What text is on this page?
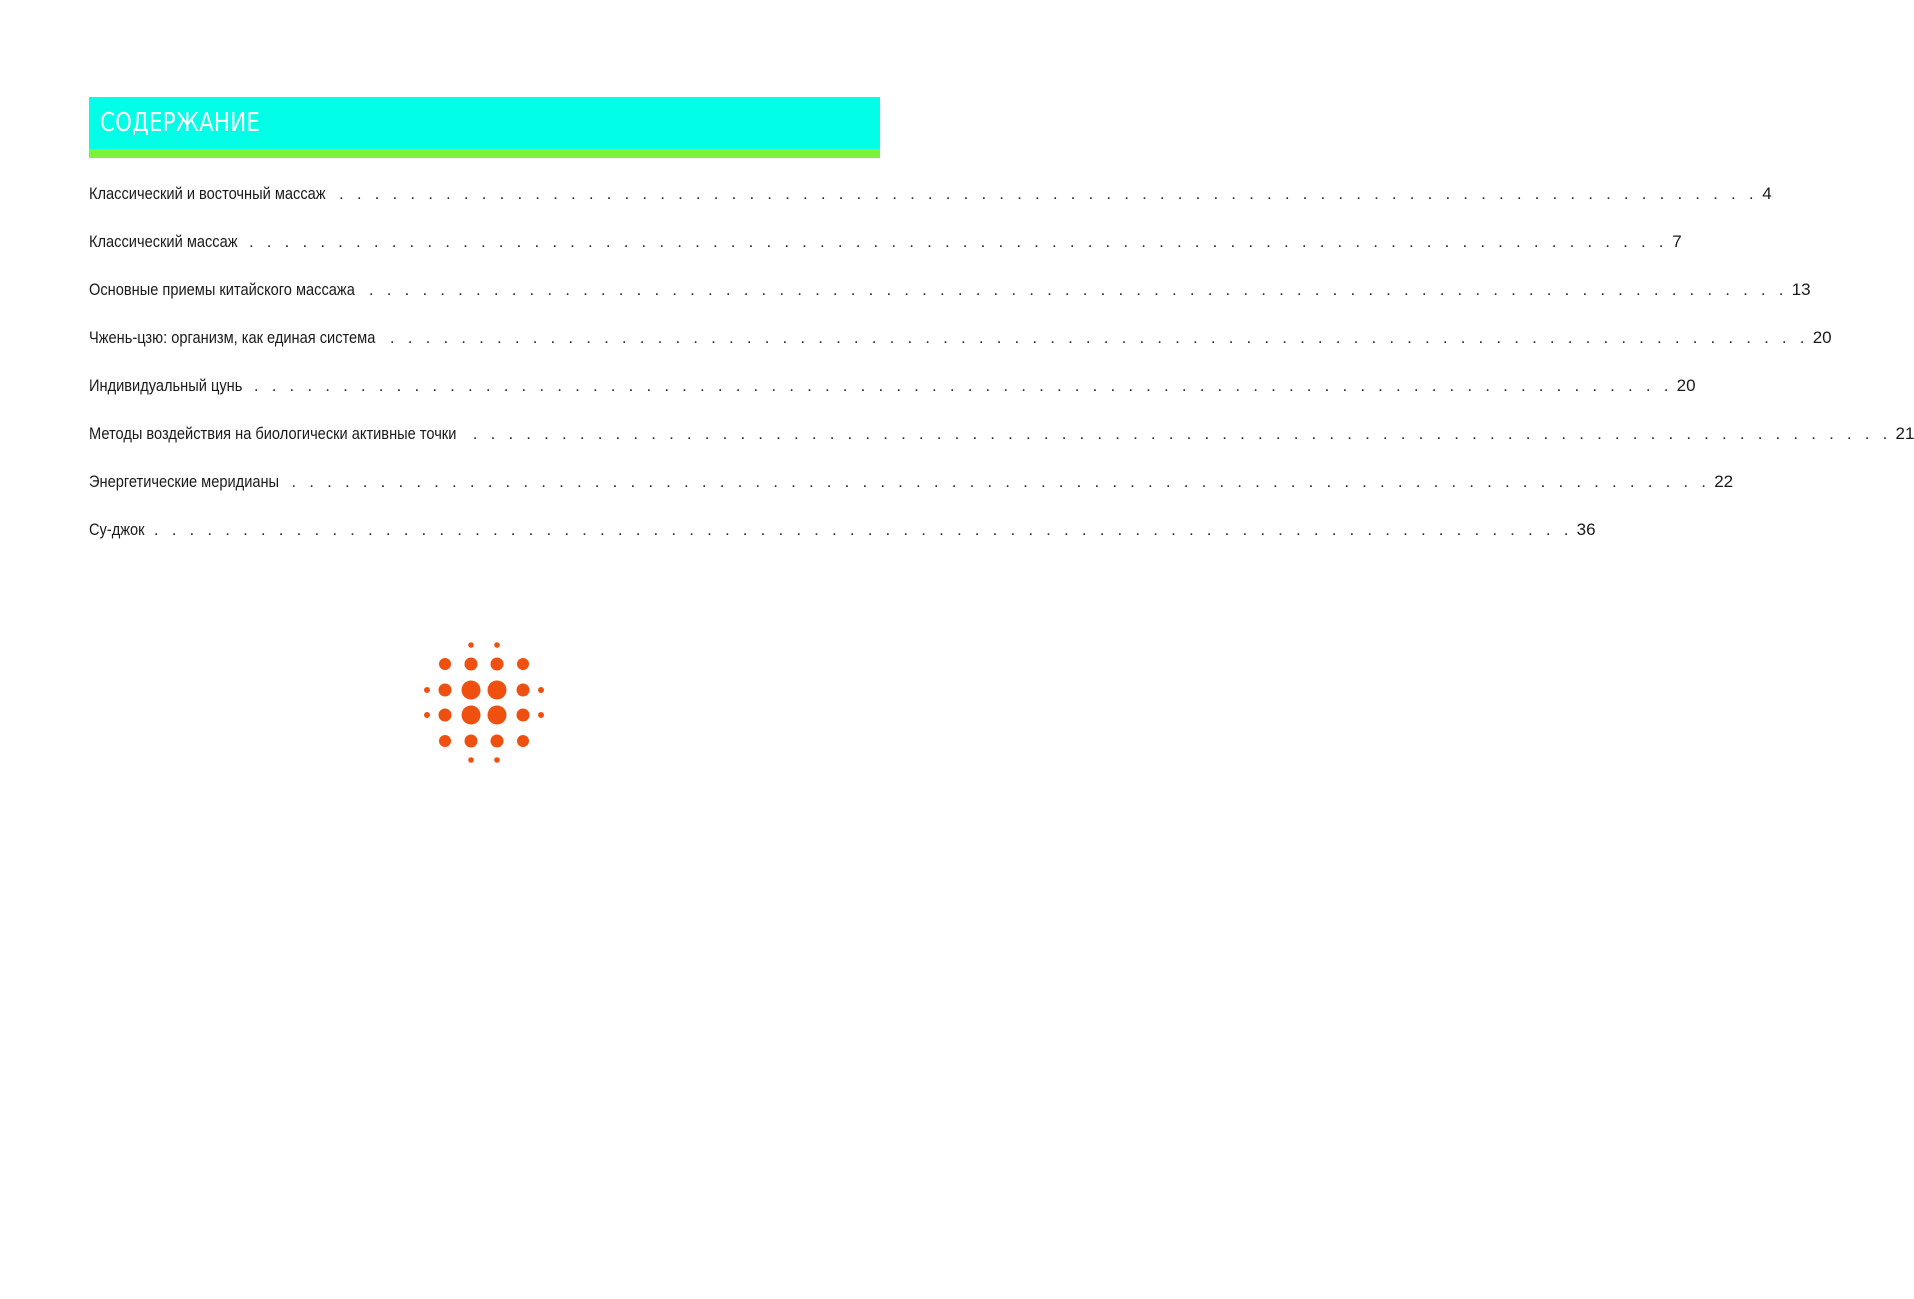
СОДЕРЖАНИЕ
Классический и восточный массаж . . . . . . . . . . . . . . . . . . . . . . . . . . . . . . . . . . . . . . . . . . . . . . . . . . . . . . . . . . . . . . . . . . . . . . . . . . . . . . . . 4
Классический массаж . . . . . . . . . . . . . . . . . . . . . . . . . . . . . . . . . . . . . . . . . . . . . . . . . . . . . . . . . . . . . . . . . . . . . . . . . . . . . . . . 7
Основные приемы китайского массажа . . . . . . . . . . . . . . . . . . . . . . . . . . . . . . . . . . . . . . . . . . . . . . . . . . . . . . . . . . . . . . . . . . . . . . . . . . . . . . . . 13
Чжень-цзю: организм, как единая система . . . . . . . . . . . . . . . . . . . . . . . . . . . . . . . . . . . . . . . . . . . . . . . . . . . . . . . . . . . . . . . . . . . . . . . . . . . . . . . . 20
Индивидуальный цунь . . . . . . . . . . . . . . . . . . . . . . . . . . . . . . . . . . . . . . . . . . . . . . . . . . . . . . . . . . . . . . . . . . . . . . . . . . . . . . . . 20
Методы воздействия на биологически активные точки . . . . . . . . . . . . . . . . . . . . . . . . . . . . . . . . . . . . . . . . . . . . . . . . . . . . . . . . . . . . . . . . . . . . . . . . . . . . . . . . 21
Энергетические меридианы . . . . . . . . . . . . . . . . . . . . . . . . . . . . . . . . . . . . . . . . . . . . . . . . . . . . . . . . . . . . . . . . . . . . . . . . . . . . . . . . 22
Су-джок . . . . . . . . . . . . . . . . . . . . . . . . . . . . . . . . . . . . . . . . . . . . . . . . . . . . . . . . . . . . . . . . . . . . . . . . . . . . . . . . 36
